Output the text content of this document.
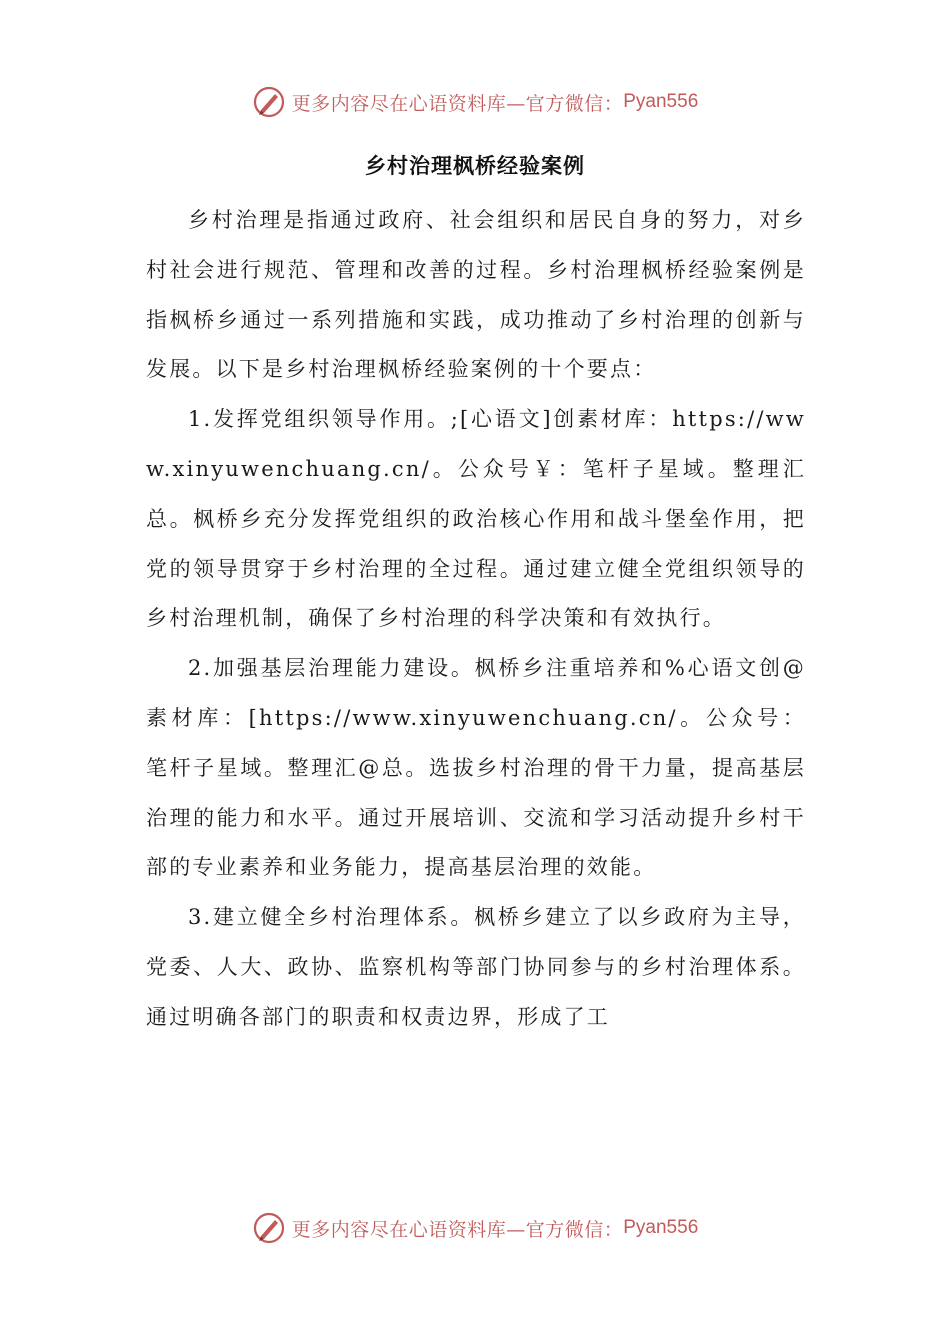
更多内容尽在心语资料库—官方微信： Pyan556
乡村治理枫桥经验案例

乡村治理是指通过政府、社会组织和居民自身的努力，对乡村社会进行规范、管理和改善的过程。乡村治理枫桥经验案例是指枫桥乡通过一系列措施和实践，成功推动了乡村治理的创新与发展。以下是乡村治理枫桥经验案例的十个要点：

1.发挥党组织领导作用。;[心语文]创素材库：https://www.xinyuwenchuang.cn/。公众号￥：笔杆子星域。整理汇总。枫桥乡充分发挥党组织的政治核心作用和战斗堡垒作用，把党的领导贯穿于乡村治理的全过程。通过建立健全党组织领导的乡村治理机制，确保了乡村治理的科学决策和有效执行。

2.加强基层治理能力建设。枫桥乡注重培养和%心语文创@素材库：[https://www.xinyuwenchuang.cn/。公众号：笔杆子星域。整理汇@总。选拔乡村治理的骨干力量，提高基层治理的能力和水平。通过开展培训、交流和学习活动提升乡村干部的专业素养和业务能力，提高基层治理的效能。

3.建立健全乡村治理体系。枫桥乡建立了以乡政府为主导，党委、人大、政协、监察机构等部门协同参与的乡村治理体系。通过明确各部门的职责和权责边界，形成了工

更多内容尽在心语资料库—官方微信： Pyan556
